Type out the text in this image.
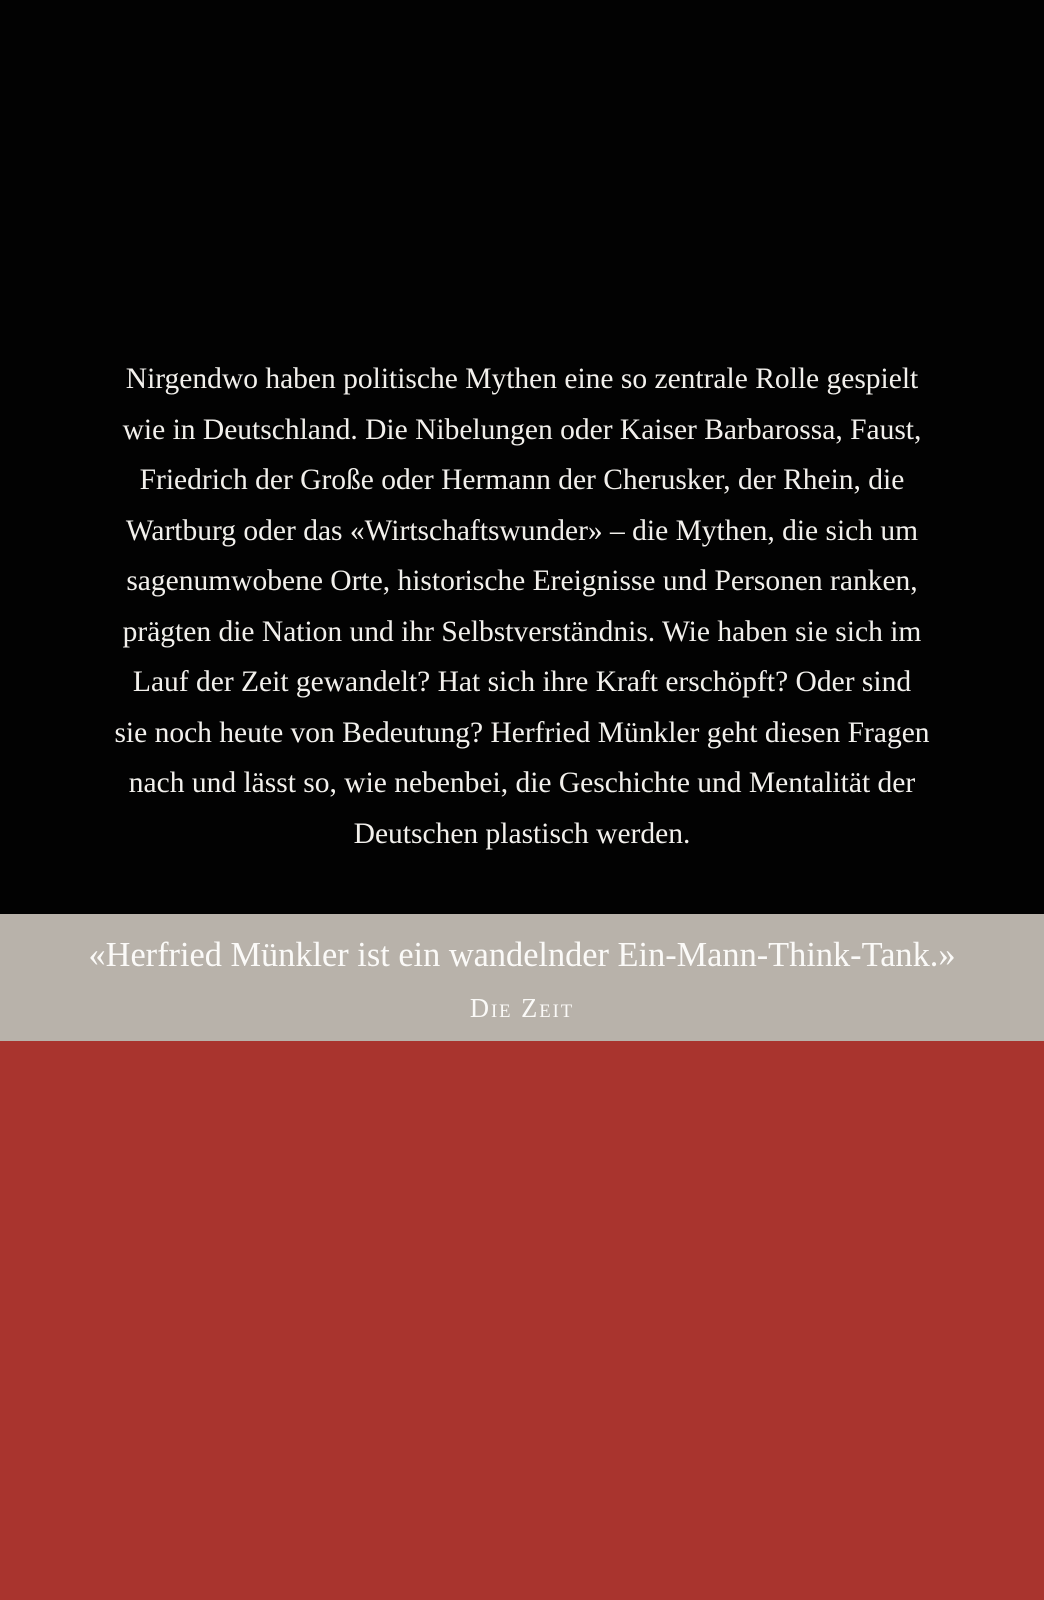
Nirgendwo haben politische Mythen eine so zentrale Rolle gespielt
wie in Deutschland. Die Nibelungen oder Kaiser Barbarossa, Faust,
Friedrich der Große oder Hermann der Cherusker, der Rhein, die
Wartburg oder das «Wirtschaftswunder» – die Mythen, die sich um
sagenumwobene Orte, historische Ereignisse und Personen ranken,
prägten die Nation und ihr Selbstverständnis. Wie haben sie sich im
Lauf der Zeit gewandelt? Hat sich ihre Kraft erschöpft? Oder sind
sie noch heute von Bedeutung? Herfried Münkler geht diesen Fragen
nach und lässt so, wie nebenbei, die Geschichte und Mentalität der
Deutschen plastisch werden.

«Herfried Münkler ist ein wandelnder Ein-Mann-Think-Tank.»

Die Zeit
